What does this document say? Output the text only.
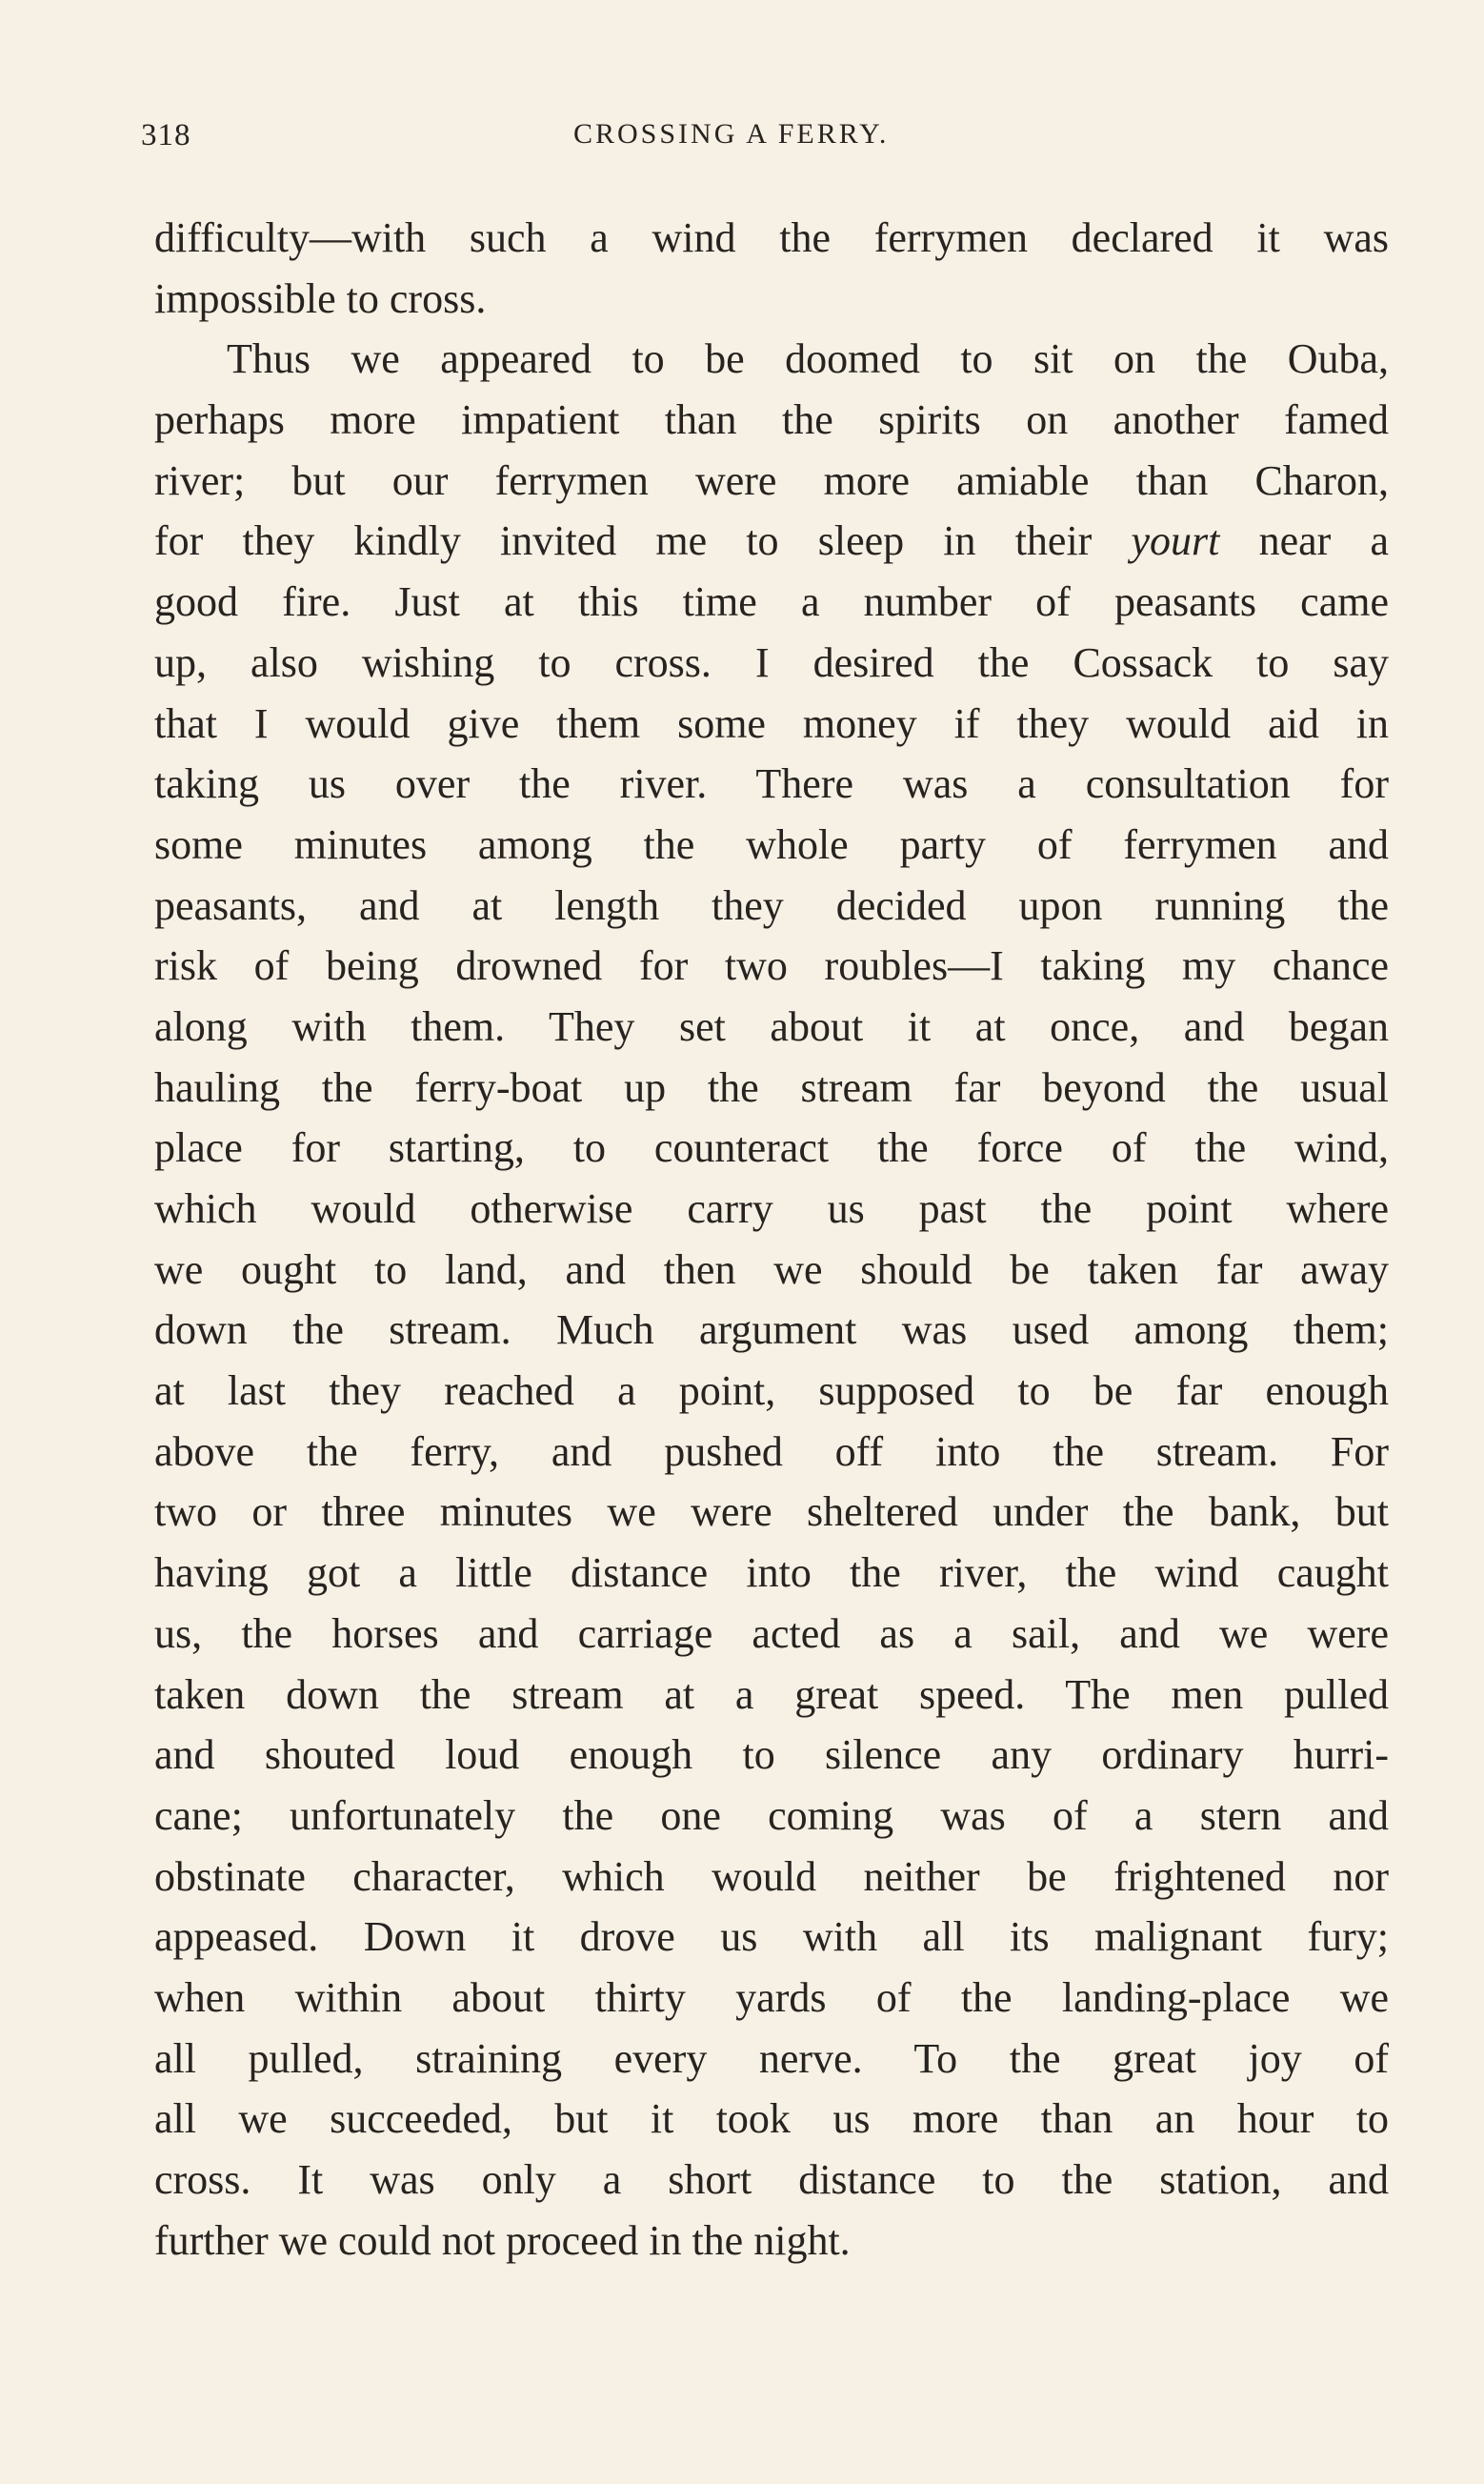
318	CROSSING A FERRY.
difficulty—with such a wind the ferrymen declared it was
impossible to cross.
Thus we appeared to be doomed to sit on the Ouba,
perhaps more impatient than the spirits on another famed
river; but our ferrymen were more amiable than Charon,
for they kindly invited me to sleep in their yourt near a
good fire. Just at this time a number of peasants came
up, also wishing to cross. I desired the Cossack to say
that I would give them some money if they would aid in
taking us over the river. There was a consultation for
some minutes among the whole party of ferrymen and
peasants, and at length they decided upon running the
risk of being drowned for two roubles—I taking my chance
along with them. They set about it at once, and began
hauling the ferry-boat up the stream far beyond the usual
place for starting, to counteract the force of the wind,
which would otherwise carry us past the point where
we ought to land, and then we should be taken far away
down the stream. Much argument was used among them;
at last they reached a point, supposed to be far enough
above the ferry, and pushed off into the stream. For
two or three minutes we were sheltered under the bank, but
having got a little distance into the river, the wind caught
us, the horses and carriage acted as a sail, and we were
taken down the stream at a great speed. The men pulled
and shouted loud enough to silence any ordinary hurri-
cane; unfortunately the one coming was of a stern and
obstinate character, which would neither be frightened nor
appeased. Down it drove us with all its malignant fury;
when within about thirty yards of the landing-place we
all pulled, straining every nerve. To the great joy of
all we succeeded, but it took us more than an hour to
cross. It was only a short distance to the station, and
further we could not proceed in the night.
